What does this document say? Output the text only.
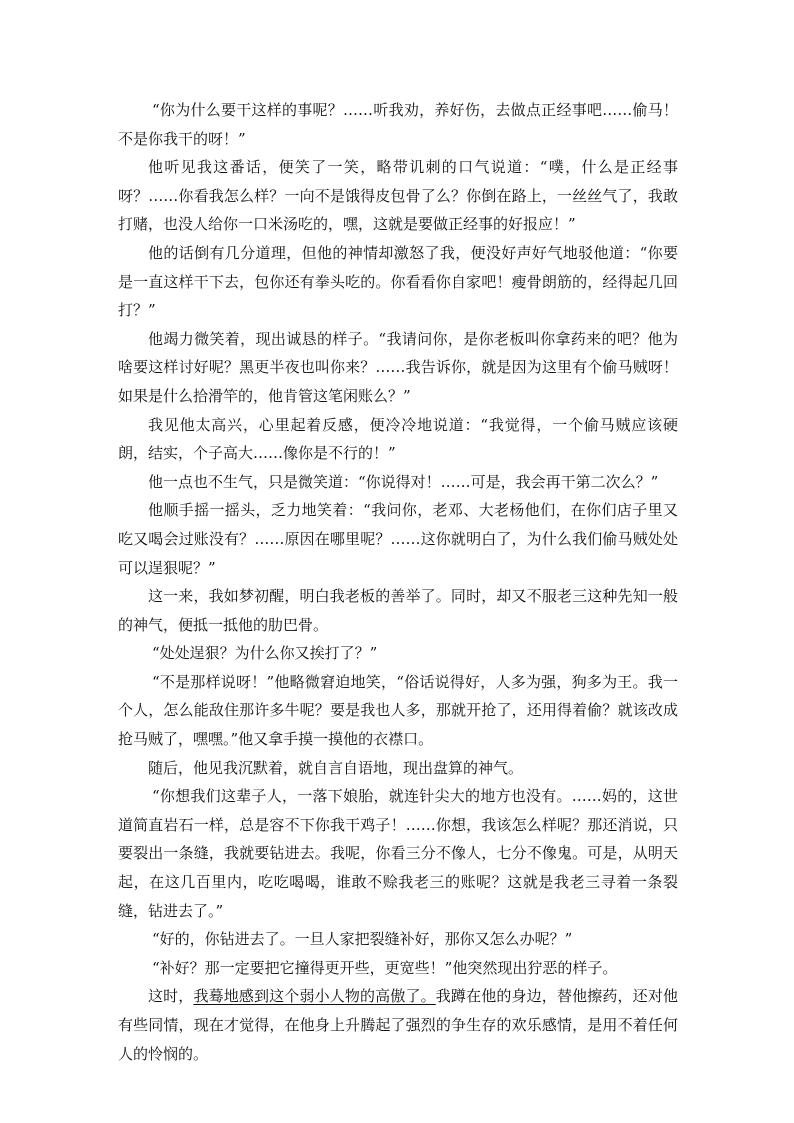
“你为什么要干这样的事呢？……听我劝，养好伤，去做点正经事吧……偷马！不是你我干的呀！”

他听见我这番话，便笑了一笑，略带讥刺的口气说道：“噗，什么是正经事呀？……你看我怎么样？一向不是饿得皮包骨了么？你倒在路上，一丝丝气了，我敢打赌，也没人给你一口米汤吃的，嘿，这就是要做正经事的好报应！”

他的话倒有几分道理，但他的神情却激怒了我，便没好声好气地驳他道：“你要是一直这样干下去，包你还有拳头吃的。你看看你自家吧！瘦骨朗筋的，经得起几回打？”

他竭力微笑着，现出诚恳的样子。“我请问你，是你老板叫你拿药来的吧？他为啥要这样讨好呢？黑更半夜也叫你来？……我告诉你，就是因为这里有个偷马贼呀！如果是什么拾滑竿的，他肯管这笔闲账么？”

我见他太高兴，心里起着反感，便冷冷地说道：“我觉得，一个偷马贼应该硬朗，结实，个子高大……像你是不行的！”

他一点也不生气，只是微笑道：“你说得对！……可是，我会再干第二次么？”

他顺手摇一摇头，乏力地笑着：“我问你，老邓、大老杨他们，在你们店子里又吃又喝会过账没有？……原因在哪里呢？……这你就明白了，为什么我们偷马贼处处可以逞狠呢？”

这一来，我如梦初醒，明白我老板的善举了。同时，却又不服老三这种先知一般的神气，便抵一抵他的肋巴骨。

“处处逞狠？为什么你又挨打了？”

“不是那样说呀！”他略微窘迫地笑，“俗话说得好，人多为强，狗多为王。我一个人，怎么能敌住那许多牛呢？要是我也人多，那就开抢了，还用得着偷？就该改成抢马贼了，嘿嘿。”他又拿手摸一摸他的衣襟口。

随后，他见我沉默着，就自言自语地，现出盘算的神气。

“你想我们这辈子人，一落下娘胎，就连针尖大的地方也没有。……妈的，这世道简直岩石一样，总是容不下你我干鸡子！……你想，我该怎么样呢？那还消说，只要裂出一条缝，我就要钻进去。我呢，你看三分不像人，七分不像鬼。可是，从明天起，在这几百里内，吃吃喝喝，谁敢不赊我老三的账呢？这就是我老三寻着一条裂缝，钻进去了。”

“好的，你钻进去了。一旦人家把裂缝补好，那你又怎么办呢？”

“补好？那一定要把它撞得更开些，更宽些！”他突然现出狞恶的样子。

这时，我蓦地感到这个弱小人物的高傲了。我蹲在他的身边，替他擦药，还对他有些同情，现在才觉得，在他身上升腾起了强烈的争生存的欢乐感情，是用不着任何人的怜悯的。
